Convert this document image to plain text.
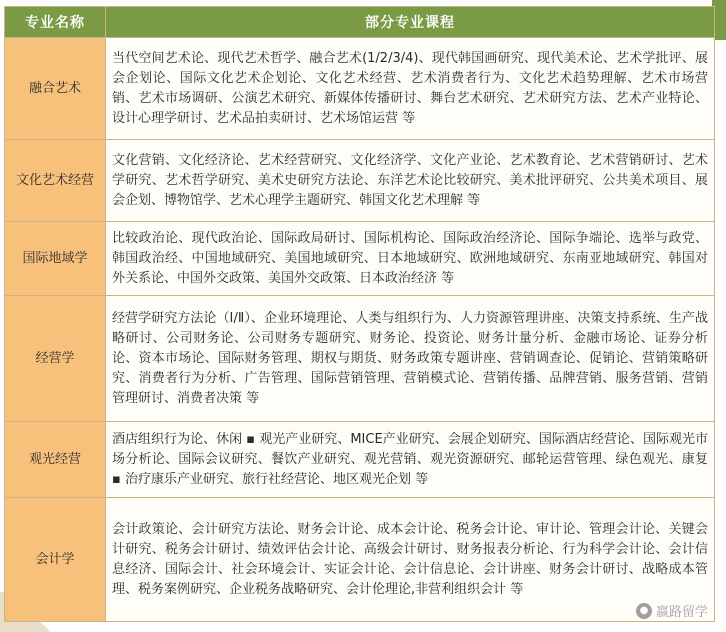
专业名称	部分专业课程
融合艺术	当代空间艺术论、现代艺术哲学、融合艺术(1/2/3/4)、现代韩国画研究、现代美术论、艺术学批评、展会企划论、国际文化艺术企划论、文化艺术经营、艺术消费者行为、文化艺术趋势理解、艺术市场营销、艺术市场调研、公演艺术研究、新媒体传播研讨、舞台艺术研究、艺术研究方法、艺术产业特论、设计心理学研讨、艺术品拍卖研讨、艺术场馆运营 等
文化艺术经营	文化营销、文化经济论、艺术经营研究、文化经济学、文化产业论、艺术教育论、艺术营销研讨、艺术学研究、艺术哲学研究、美术史研究方法论、东洋艺术论比较研究、美术批评研究、公共美术项目、展会企划、博物馆学、艺术心理学主题研究、韩国文化艺术理解 等
国际地域学	比较政治论、现代政治论、国际政局研讨、国际机构论、国际政治经济论、国际争端论、选举与政党、韩国政治经、中国地域研究、美国地域研究、日本地域研究、欧洲地域研究、东南亚地域研究、韩国对外关系论、中国外交政策、美国外交政策、日本政治经济 等
经营学	经营学研究方法论（Ⅰ/Ⅱ）、企业环境理论、人类与组织行为、人力资源管理讲座、决策支持系统、生产战略研讨、公司财务论、公司财务专题研究、财务论、投资论、财务计量分析、金融市场论、证券分析论、资本市场论、国际财务管理、期权与期货、财务政策专题讲座、营销调查论、促销论、营销策略研究、消费者行为分析、广告管理、国际营销管理、营销模式论、营销传播、品牌营销、服务营销、营销管理研讨、消费者决策 等
观光经营	酒店组织行为论、休闲 ▪ 观光产业研究、MICE产业研究、会展企划研究、国际酒店经营论、国际观光市场分析论、国际会议研究、餐饮产业研究、观光营销、观光资源研究、邮轮运营管理、绿色观光、康复 ▪ 治疗康乐产业研究、旅行社经营论、地区观光企划 等
会计学	会计政策论、会计研究方法论、财务会计论、成本会计论、税务会计论、审计论、管理会计论、关键会计研究、税务会计研讨、绩效评估会计论、高级会计研讨、财务报表分析论、行为科学会计论、会计信息经济、国际会计、社会环境会计、实证会计论、会计信息论、会计讲座、财务会计研讨、战略成本管理、税务案例研究、企业税务战略研究、会计伦理论,非营利组织会计 等
● 嬴路留学
